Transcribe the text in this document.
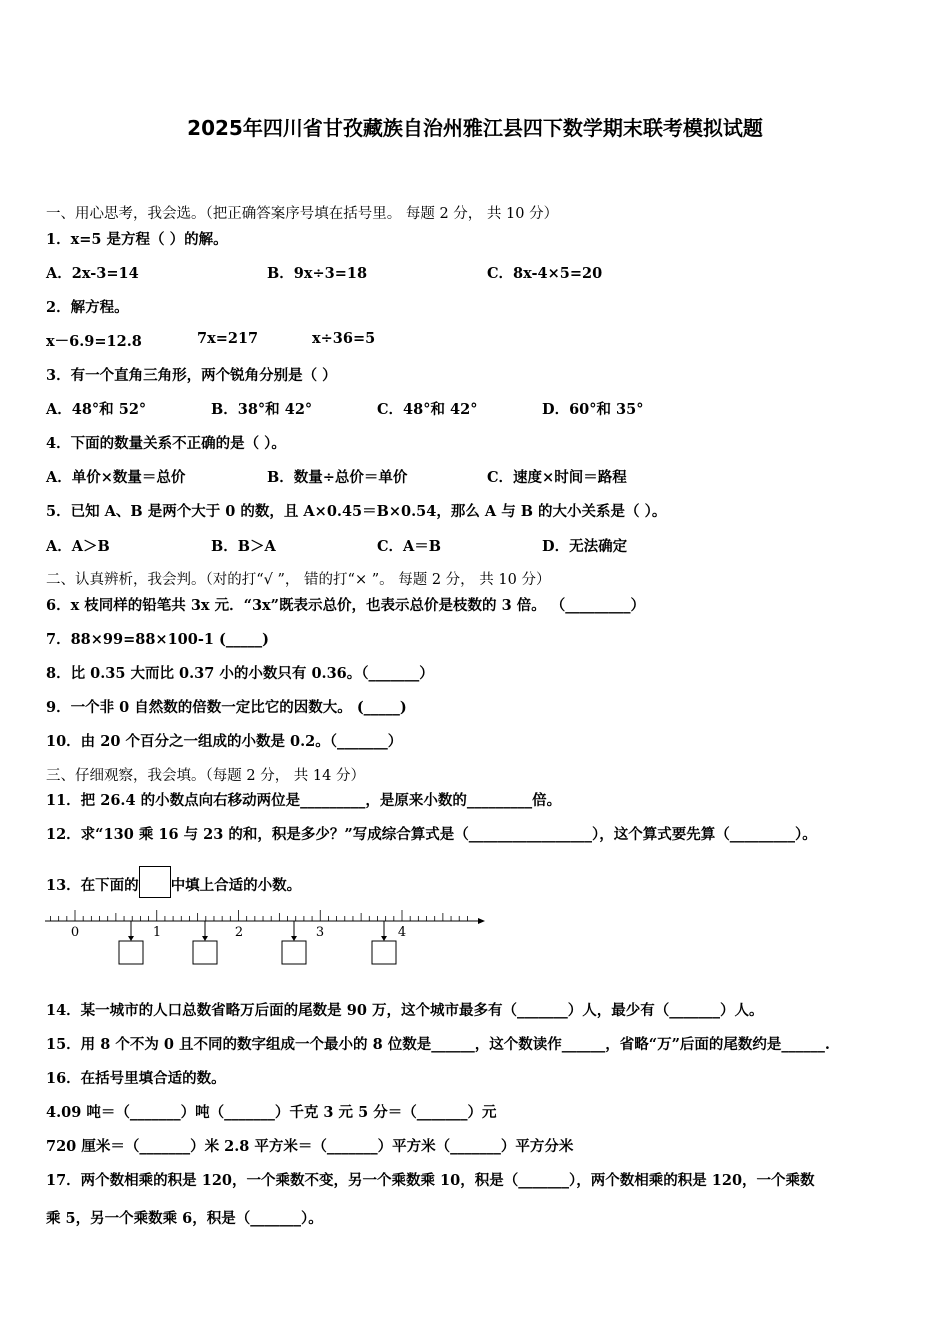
2025年四川省甘孜藏族自治州雅江县四下数学期末联考模拟试题
一、用心思考，我会选。（把正确答案序号填在括号里。 每题 2 分， 共 10 分）
1．x=5 是方程（ ）的解。
A．2x-3=14	B．9x÷3=18	C．8x-4×5=20
2．解方程。
x－6.9=12.8	7x=217	x÷36=5
3．有一个直角三角形，两个锐角分别是（ ）
A．48°和 52°	B．38°和 42°	C．48°和 42°	D．60°和 35°
4．下面的数量关系不正确的是（ ）。
A．单价×数量＝总价	B．数量÷总价＝单价	C．速度×时间＝路程
5．已知 A、B 是两个大于 0 的数，且 A×0.45＝B×0.54，那么 A 与 B 的大小关系是（ ）。
A．A＞B	B．B＞A	C．A＝B	D．无法确定
二、认真辨析，我会判。（对的打“√ ”， 错的打“× ”。 每题 2 分， 共 10 分）
6．x 枝同样的铅笔共 3x 元．“3x”既表示总价，也表示总价是枝数的 3 倍。 （_________）
7．88×99=88×100-1 (_____)
8．比 0.35 大而比 0.37 小的小数只有 0.36。（_______）
9．一个非 0 自然数的倍数一定比它的因数大。 (_____)
10．由 20 个百分之一组成的小数是 0.2。（_______）
三、仔细观察，我会填。（每题 2 分， 共 14 分）
11．把 26.4 的小数点向右移动两位是_________，是原来小数的_________倍。
12．求“130 乘 16 与 23 的和，积是多少？”写成综合算式是（_________________），这个算式要先算（_________）。
13．在下面的 中填上合适的小数。
0	1	2	3	4
14．某一城市的人口总数省略万后面的尾数是 90 万，这个城市最多有（_______）人，最少有（_______）人。
15．用 8 个不为 0 且不同的数字组成一个最小的 8 位数是______，这个数读作______，省略“万”后面的尾数约是______.
16．在括号里填合适的数。
4.09 吨＝（_______）吨（_______）千克 3 元 5 分＝（_______）元
720 厘米＝（_______）米 2.8 平方米＝（_______）平方米（_______）平方分米
17．两个数相乘的积是 120，一个乘数不变，另一个乘数乘 10，积是（_______），两个数相乘的积是 120，一个乘数
乘 5，另一个乘数乘 6，积是（_______）。
